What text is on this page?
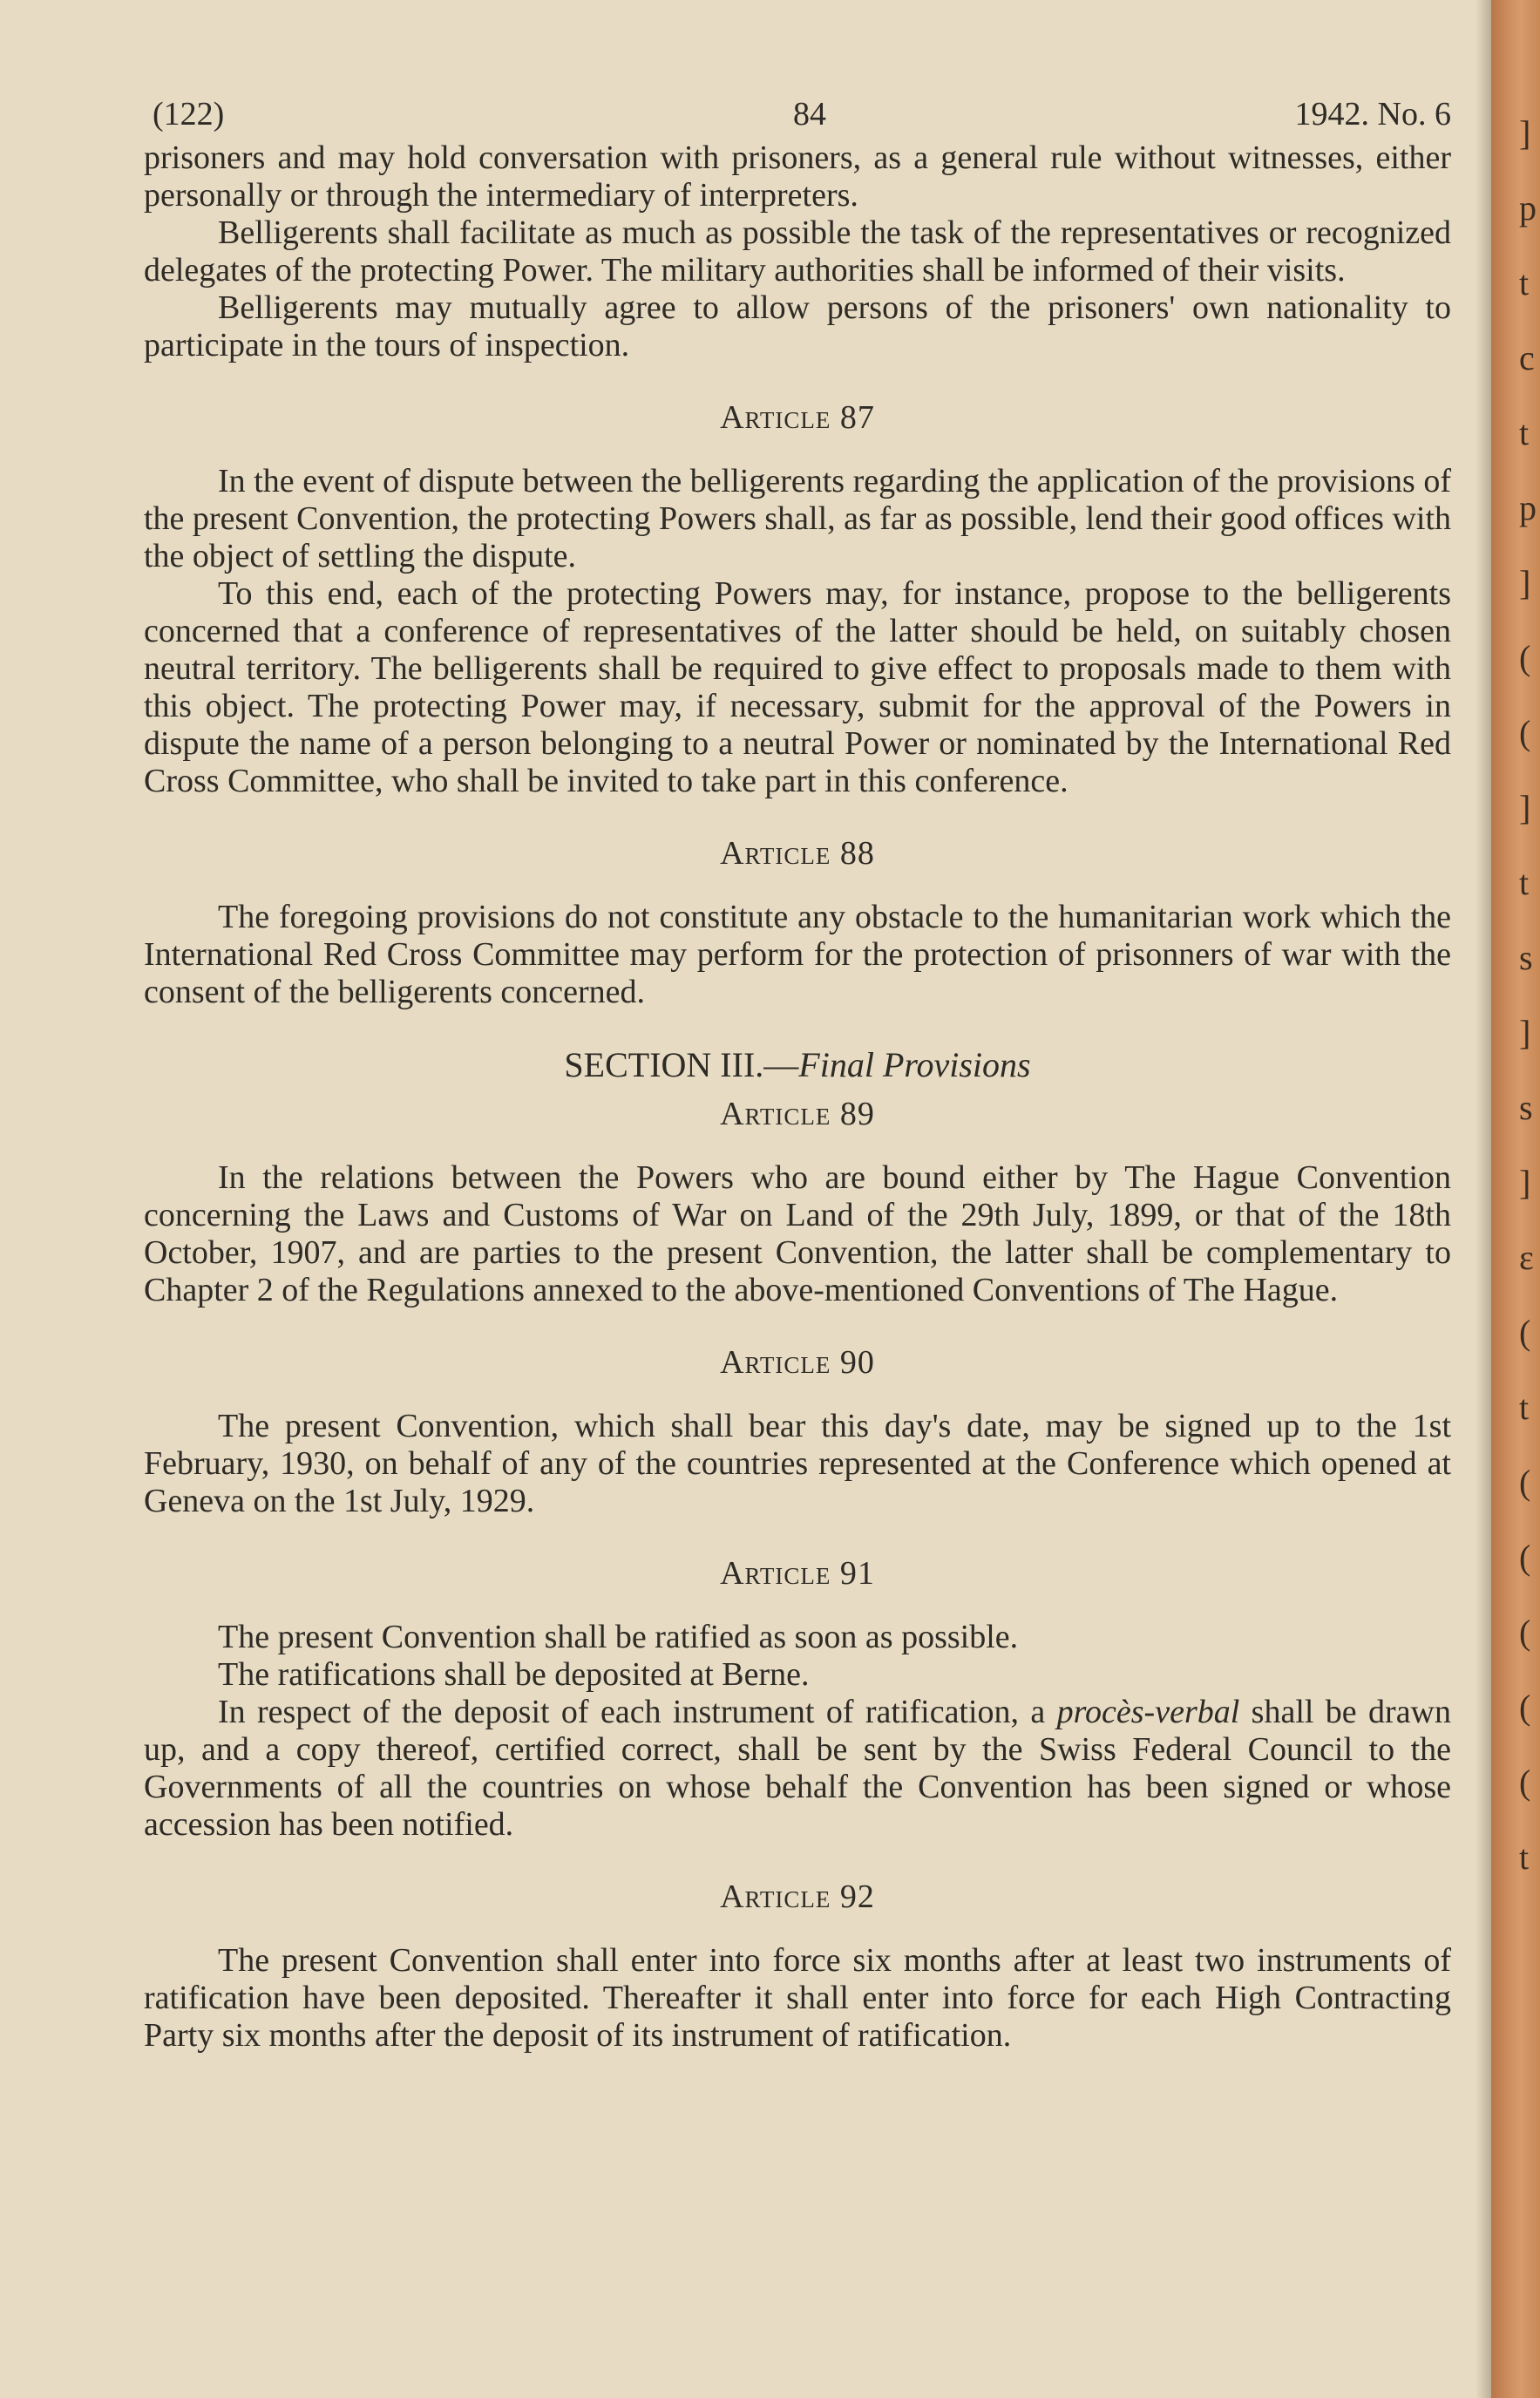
]
p
t
c
t
p
]
(
(
]
t
s
]
s
]
ε
(
t
(
(
(
(
(
t
(122)	84	1942. No. 6

prisoners and may hold conversation with prisoners, as a general rule without witnesses, either personally or through the intermediary of interpreters.

Belligerents shall facilitate as much as possible the task of the representatives or recognized delegates of the protecting Power. The military authorities shall be informed of their visits.

Belligerents may mutually agree to allow persons of the prisoners' own nationality to participate in the tours of inspection.

Article 87

In the event of dispute between the belligerents regarding the application of the provisions of the present Convention, the protecting Powers shall, as far as possible, lend their good offices with the object of settling the dispute.

To this end, each of the protecting Powers may, for instance, propose to the belligerents concerned that a conference of representatives of the latter should be held, on suitably chosen neutral territory. The belligerents shall be required to give effect to proposals made to them with this object. The protecting Power may, if necessary, submit for the approval of the Powers in dispute the name of a person belonging to a neutral Power or nominated by the International Red Cross Committee, who shall be invited to take part in this conference.

Article 88

The foregoing provisions do not constitute any obstacle to the humanitarian work which the International Red Cross Committee may perform for the protection of prisonners of war with the consent of the belligerents concerned.

SECTION III.—Final Provisions
Article 89

In the relations between the Powers who are bound either by The Hague Convention concerning the Laws and Customs of War on Land of the 29th July, 1899, or that of the 18th October, 1907, and are parties to the present Convention, the latter shall be complementary to Chapter 2 of the Regulations annexed to the above-mentioned Conventions of The Hague.

Article 90

The present Convention, which shall bear this day's date, may be signed up to the 1st February, 1930, on behalf of any of the countries represented at the Conference which opened at Geneva on the 1st July, 1929.

Article 91

The present Convention shall be ratified as soon as possible.

The ratifications shall be deposited at Berne.

In respect of the deposit of each instrument of ratification, a procès-verbal shall be drawn up, and a copy thereof, certified correct, shall be sent by the Swiss Federal Council to the Governments of all the countries on whose behalf the Convention has been signed or whose accession has been notified.

Article 92

The present Convention shall enter into force six months after at least two instruments of ratification have been deposited. Thereafter it shall enter into force for each High Contracting Party six months after the deposit of its instrument of ratification.
